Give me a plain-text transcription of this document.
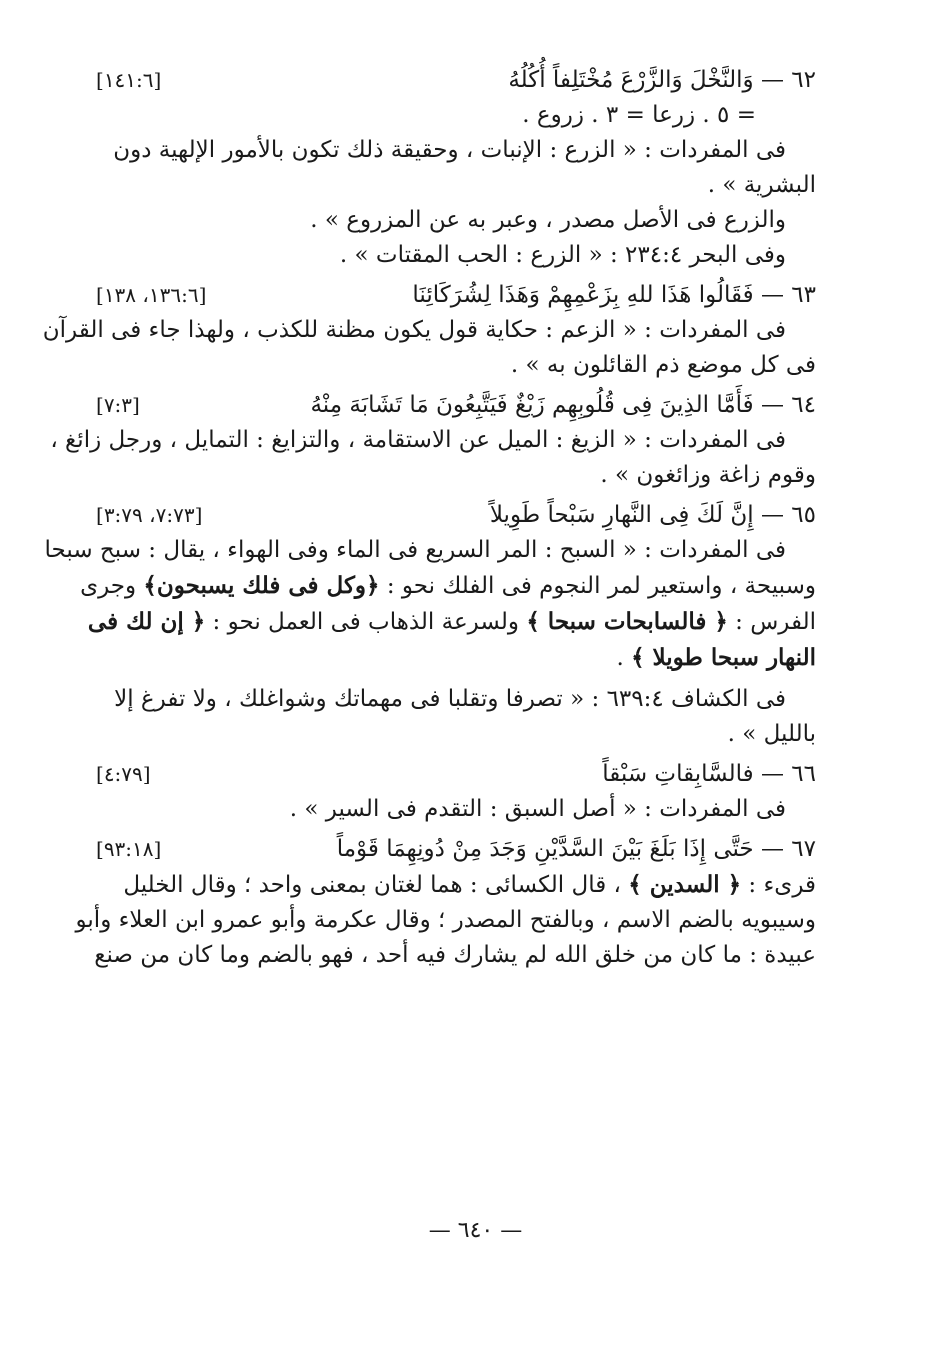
٦٢ — وَالنَّخْلَ وَالزَّرْعَ مُخْتَلِفاً أُكُلُهُ
[١٤١:٦]

= ٥ . زرعا = ٣ . زروع .

فى المفردات : « الزرع : الإنبات ، وحقيقة ذلك تكون بالأمور الإلهية دون

البشرية » .

والزرع فى الأصل مصدر ، وعبر به عن المزروع » .

وفى البحر ٢٣٤:٤ : « الزرع : الحب المقتات » .

٦٣ — فَقَالُوا هَذَا للهِ بِزَعْمِهِمْ وَهَذَا لِشُرَكَائِنَا
[١٣٦:٦، ١٣٨]

فى المفردات : « الزعم : حكاية قول يكون مظنة للكذب ، ولهذا جاء فى القرآن

فى كل موضع ذم القائلون به » .

٦٤ — فَأَمَّا الذِينَ فِى قُلُوبِهِم زَيْغٌ فَيَتَّبِعُونَ مَا تَشَابَهَ مِنْهُ
[٧:٣]

فى المفردات : « الزيغ : الميل عن الاستقامة ، والتزايغ : التمايل ، ورجل زائغ ،

وقوم زاغة وزائغون » .

٦٥ — إِنَّ لَكَ فِى النَّهارِ سَبْحاً طَوِيلاً
[٧:٧٣، ٣:٧٩]

فى المفردات : « السبح : المر السريع فى الماء وفى الهواء ، يقال : سبح سبحا

وسبيحة ، واستعير لمر النجوم فى الفلك نحو : ﴿وكل فى فلك يسبحون﴾ وجرى

الفرس : ﴿ فالسابحات سبحا ﴾ ولسرعة الذهاب فى العمل نحو : ﴿ إن لك فى

النهار سبحا طويلا ﴾ .

فى الكشاف ٦٣٩:٤ : « تصرفا وتقلبا فى مهماتك وشواغلك ، ولا تفرغ إلا

بالليل » .

٦٦ — فالسَّابِقاتِ سَبْقاً
[٤:٧٩]

فى المفردات : « أصل السبق : التقدم فى السير » .

٦٧ — حَتَّى إِذَا بَلَغَ بَيْنَ السَّدَّيْنِ وَجَدَ مِنْ دُونِهِمَا قَوْماً
[٩٣:١٨]

قرىء : ﴿ السدين ﴾ ، قال الكسائى : هما لغتان بمعنى واحد ؛ وقال الخليل

وسيبويه بالضم الاسم ، وبالفتح المصدر ؛ وقال عكرمة وأبو عمرو ابن العلاء وأبو

عبيدة : ما كان من خلق الله لم يشارك فيه أحد ، فهو بالضم وما كان من صنع

— ٦٤٠ —
